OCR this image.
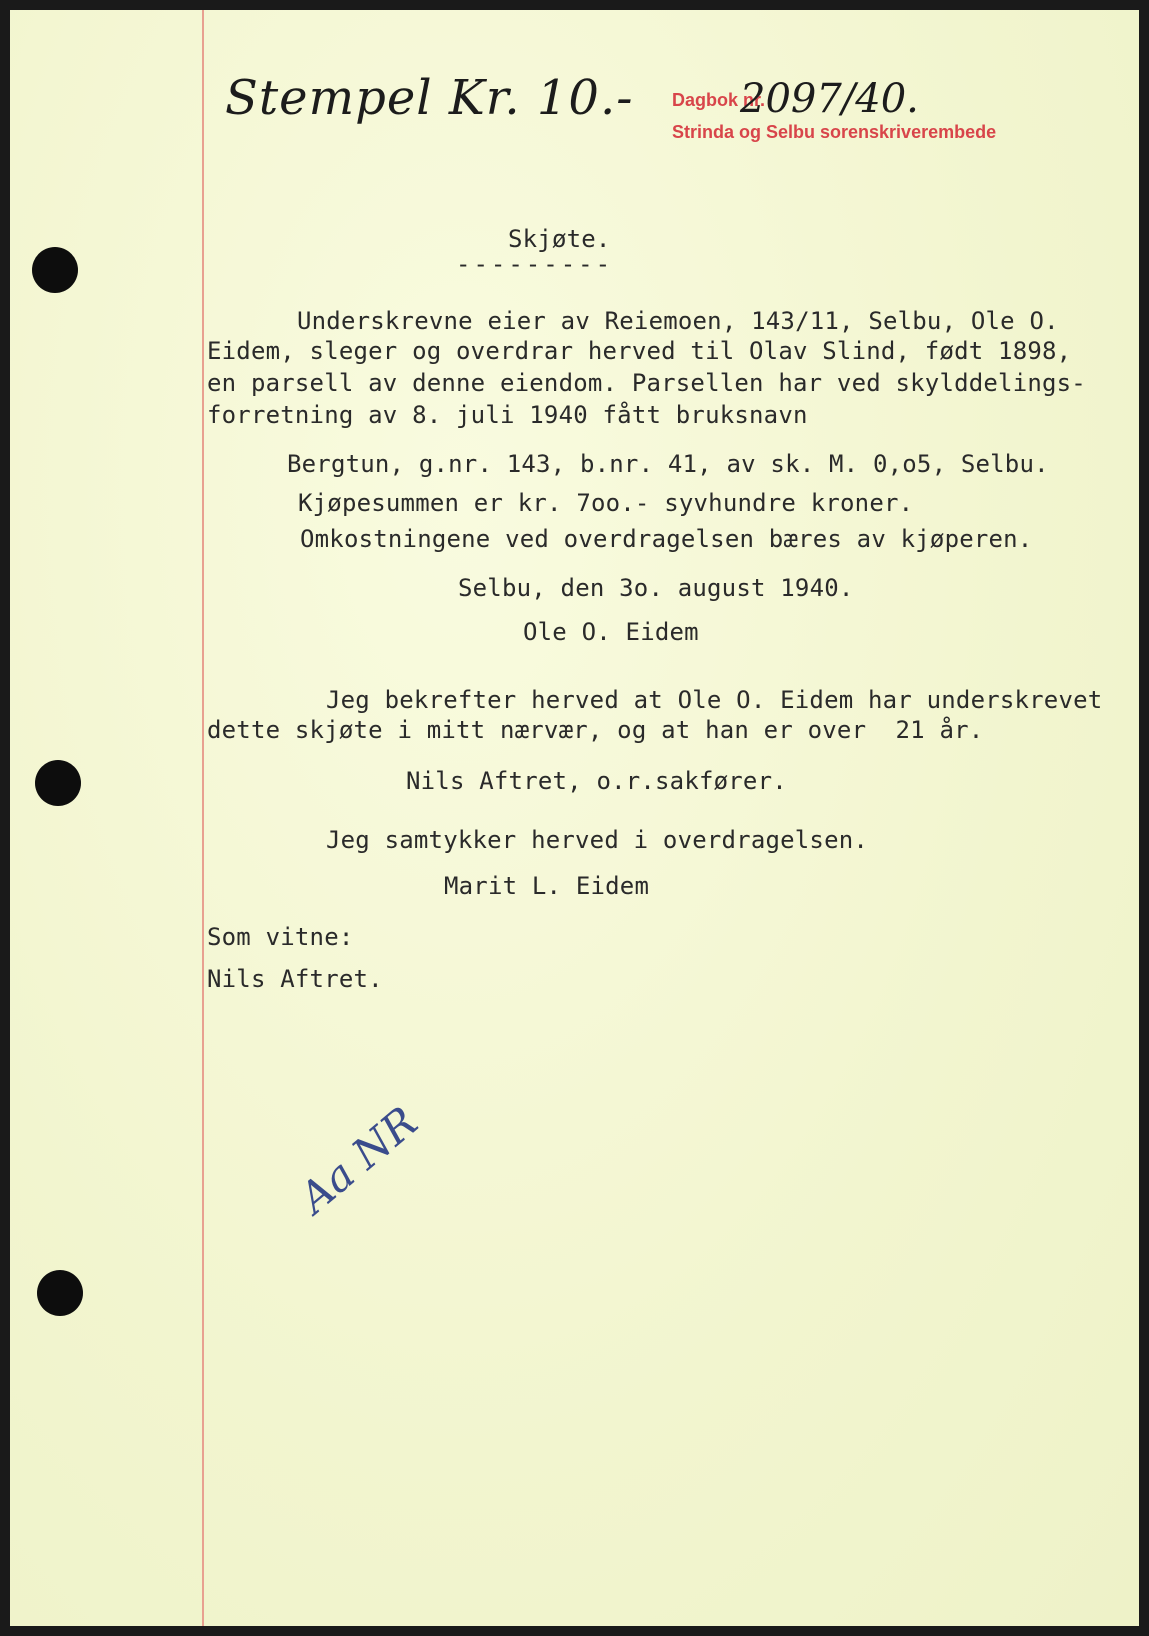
Stempel Kr. 10.- Dagbok nr.
2097/40.
Strinda og Selbu sorenskriverembede
Skjøte.
---------
Underskrevne eier av Reiemoen, 143/11, Selbu, Ole O.
Eidem, sleger og overdrar herved til Olav Slind, født 1898,
en parsell av denne eiendom. Parsellen har ved skylddelings-
forretning av 8. juli 1940 fått bruksnavn
Bergtun, g.nr. 143, b.nr. 41, av sk. M. 0,o5, Selbu.
Kjøpesummen er kr. 7oo.- syvhundre kroner.
Omkostningene ved overdragelsen bæres av kjøperen.
Selbu, den 3o. august 1940.
Ole O. Eidem
Jeg bekrefter herved at Ole O. Eidem har underskrevet
dette skjøte i mitt nærvær, og at han er over  21 år.
Nils Aftret, o.r.sakfører.
Jeg samtykker herved i overdragelsen.
Marit L. Eidem
Som vitne:
Nils Aftret.
Aa NR
